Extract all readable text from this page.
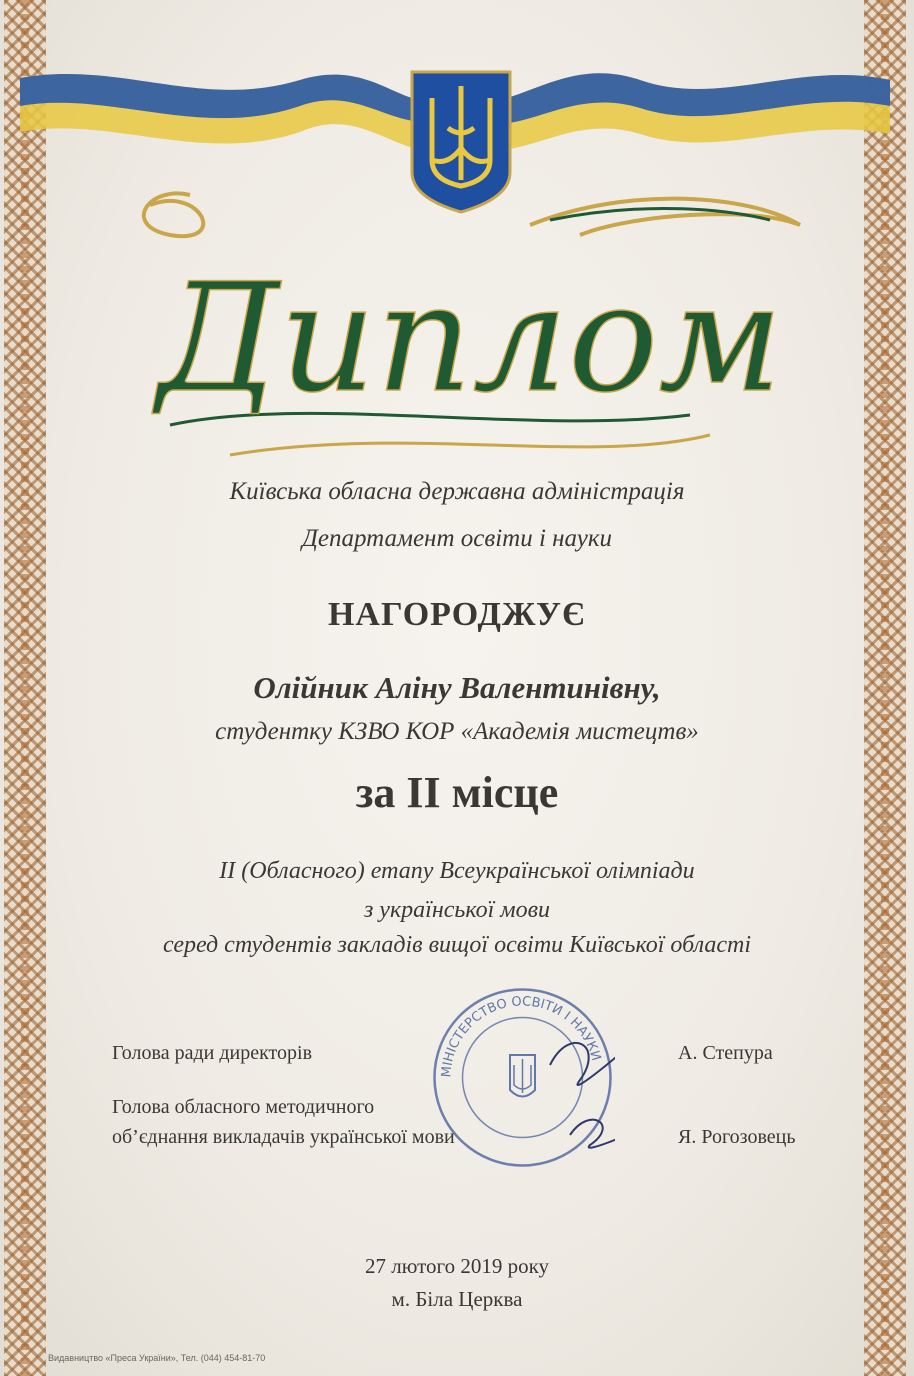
Диплом
Київська обласна державна адміністрація
Департамент освіти і науки
НАГОРОДЖУЄ
Олійник Аліну Валентинівну,
студентку КЗВО КОР «Академія мистецтв»
за II місце
II (Обласного) етапу Всеукраїнської олімпіади
з української мови
серед студентів закладів вищої освіти Київської області
МІНІСТЕРСТВО ОСВІТИ І НАУКИ
Голова ради директорів	А. Степура
Голова обласного методичного
об’єднання викладачів української мови	Я. Рогозовець
27 лютого 2019 року
м. Біла Церква
Видавництво «Преса України», Тел. (044) 454-81-70
